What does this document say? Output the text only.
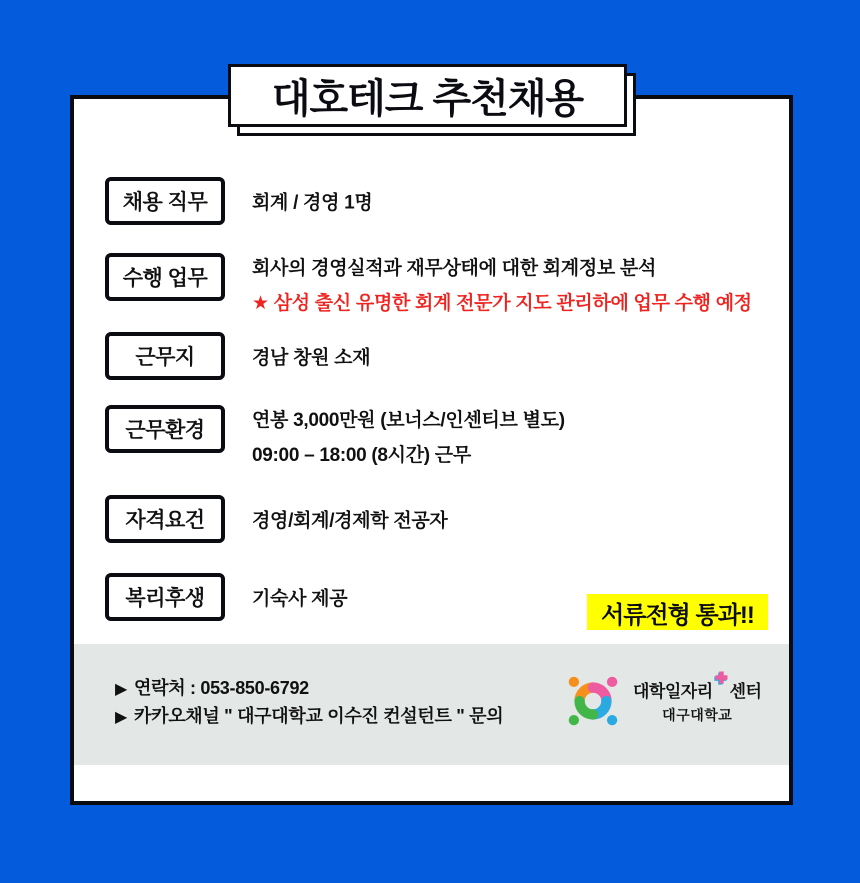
대호테크 추천채용
채용 직무	회계 / 경영 1명
수행 업무	회사의 경영실적과 재무상태에 대한 회계정보 분석
★ 삼성 출신 유명한 회계 전문가 지도 관리하에 업무 수행 예정
근무지	경남 창원 소재
근무환경	연봉 3,000만원 (보너스/인센티브 별도)
09:00 – 18:00 (8시간) 근무
자격요건	경영/회계/경제학 전공자
복리후생	기숙사 제공
서류전형 통과!!
▶ 연락처 : 053-850-6792
▶ 카카오채널 " 대구대학교 이수진 컨설턴트 " 문의
대학일자리 센터
대구대학교
